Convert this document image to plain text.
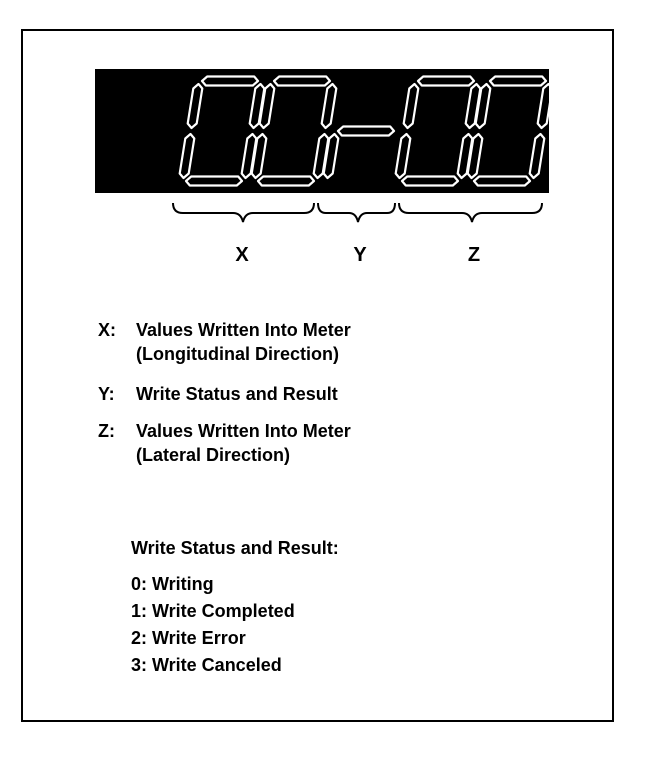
X	Y	Z
X:	Values Written Into Meter
(Longitudinal Direction)
Y:	Write Status and Result
Z:	Values Written Into Meter
(Lateral Direction)
Write Status and Result:
0: Writing
1: Write Completed
2: Write Error
3: Write Canceled
